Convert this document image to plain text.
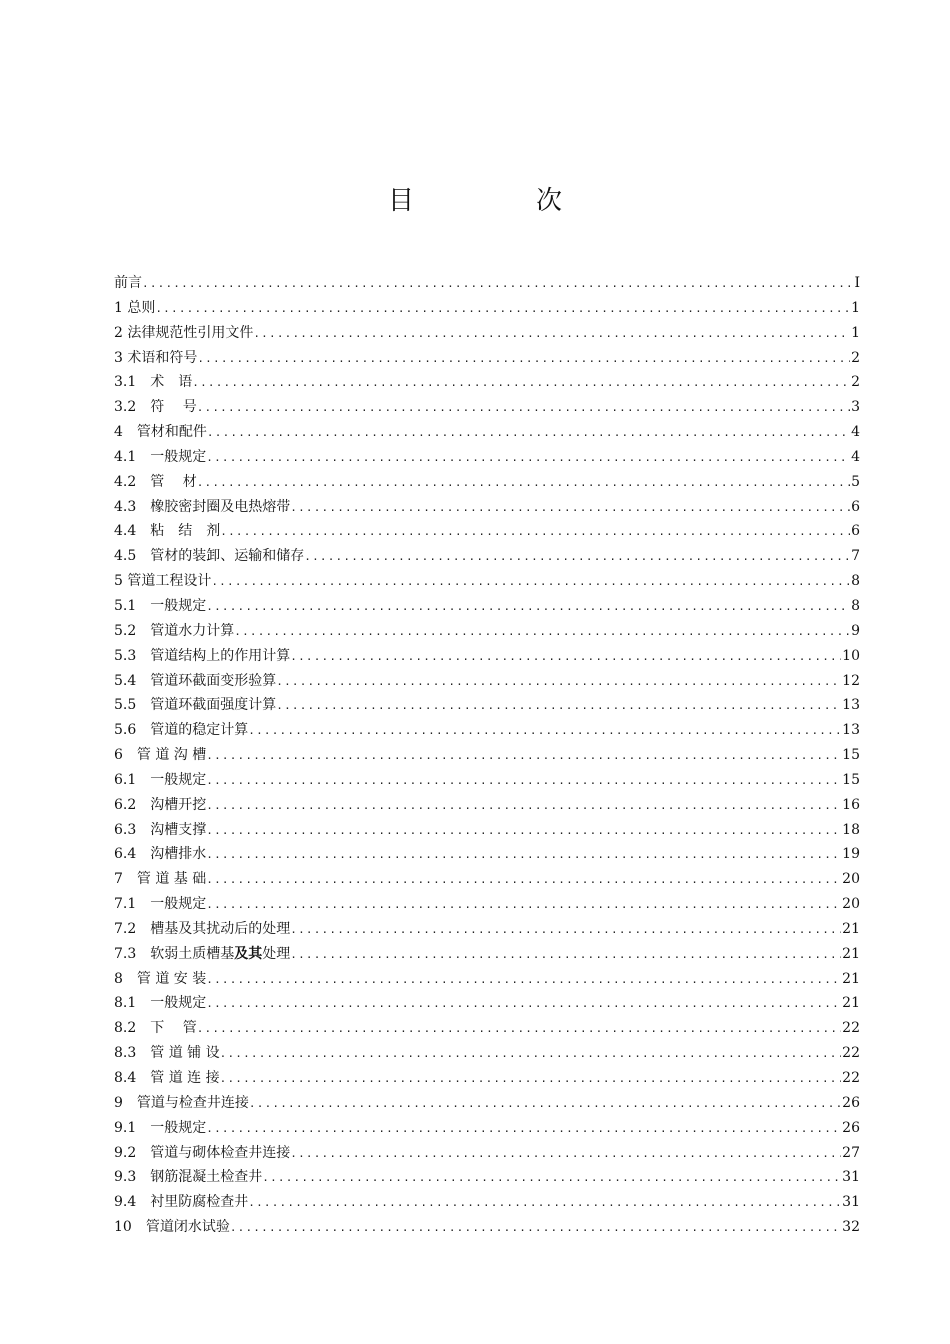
目　次
前言 .....	Ⅰ
1 总则 .....	1
2 法律规范性引用文件 .....	1
3 术语和符号 .....	2
3.1　术　语 .....	2
3.2　符　 号 .....	3
4　管材和配件 .....	4
4.1　一般规定 .....	4
4.2　管　 材 .....	5
4.3　橡胶密封圈及电热熔带 .....	6
4.4　粘　结　剂 .....	6
4.5　管材的装卸、运输和储存 .....	7
5 管道工程设计 .....	8
5.1　一般规定 .....	8
5.2　管道水力计算 .....	9
5.3　管道结构上的作用计算 .....	10
5.4　管道环截面变形验算 .....	12
5.5　管道环截面强度计算 .....	13
5.6　管道的稳定计算 .....	13
6　管 道 沟 槽 .....	15
6.1　一般规定 .....	15
6.2　沟槽开挖 .....	16
6.3　沟槽支撑 .....	18
6.4　沟槽排水 .....	19
7　管 道 基 础 .....	20
7.1　一般规定 .....	20
7.2　槽基及其扰动后的处理 .....	21
7.3　软弱土质槽基及其处理 .....	21
8　管 道 安 装 .....	21
8.1　一般规定 .....	21
8.2　下　 管 .....	22
8.3　管 道 铺 设 .....	22
8.4　管 道 连 接 .....	22
9　管道与检查井连接 .....	26
9.1　一般规定 .....	26
9.2　管道与砌体检查井连接 .....	27
9.3　钢筋混凝土检查井 .....	31
9.4　衬里防腐检查井 .....	31
10　管道闭水试验 .....	32
